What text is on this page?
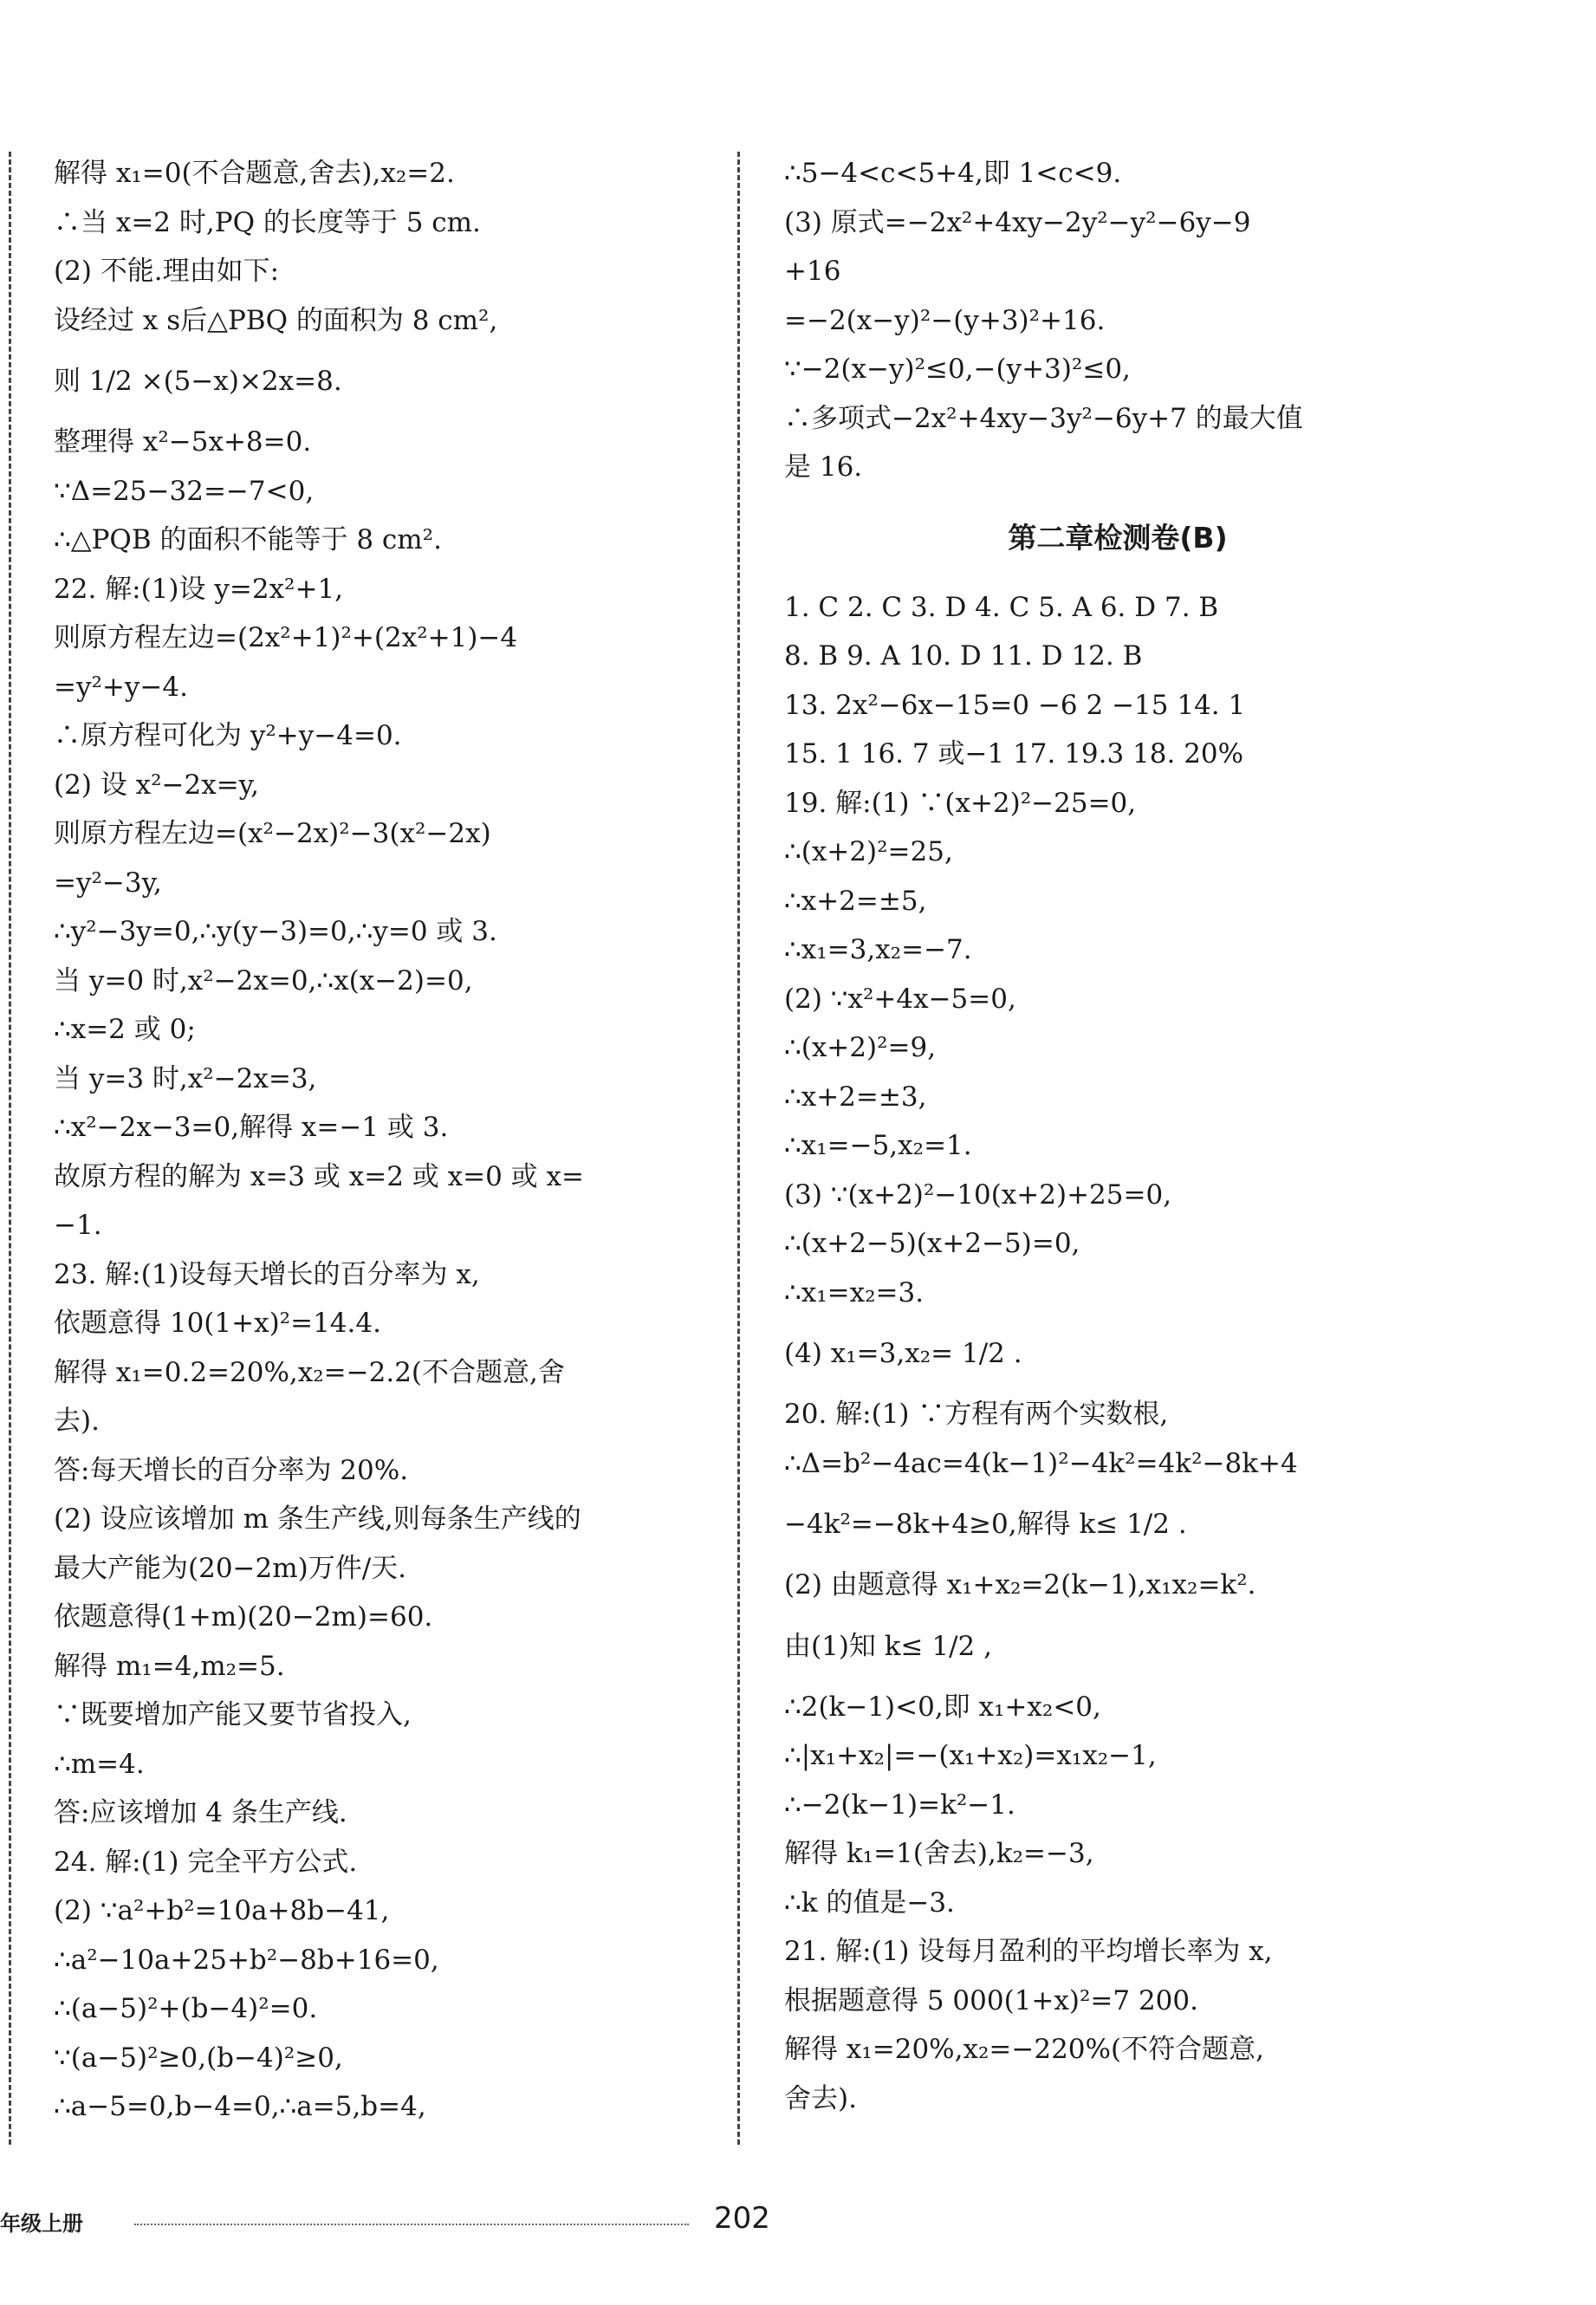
解得 x₁=0(不合题意,舍去),x₂=2.
∴当 x=2 时,PQ 的长度等于 5 cm.
(2) 不能.理由如下:
设经过 x s后△PBQ 的面积为 8 cm²,
则 1/2 ×(5−x)×2x=8.
整理得 x²−5x+8=0.
∵Δ=25−32=−7<0,
∴△PQB 的面积不能等于 8 cm².
22. 解:(1)设 y=2x²+1,
则原方程左边=(2x²+1)²+(2x²+1)−4
=y²+y−4.
∴原方程可化为 y²+y−4=0.
(2) 设 x²−2x=y,
则原方程左边=(x²−2x)²−3(x²−2x)
=y²−3y,
∴y²−3y=0,∴y(y−3)=0,∴y=0 或 3.
当 y=0 时,x²−2x=0,∴x(x−2)=0,
∴x=2 或 0;
当 y=3 时,x²−2x=3,
∴x²−2x−3=0,解得 x=−1 或 3.
故原方程的解为 x=3 或 x=2 或 x=0 或 x=
−1.
23. 解:(1)设每天增长的百分率为 x,
依题意得 10(1+x)²=14.4.
解得 x₁=0.2=20%,x₂=−2.2(不合题意,舍
去).
答:每天增长的百分率为 20%.
(2) 设应该增加 m 条生产线,则每条生产线的
最大产能为(20−2m)万件/天.
依题意得(1+m)(20−2m)=60.
解得 m₁=4,m₂=5.
∵既要增加产能又要节省投入,
∴m=4.
答:应该增加 4 条生产线.
24. 解:(1) 完全平方公式.
(2) ∵a²+b²=10a+8b−41,
∴a²−10a+25+b²−8b+16=0,
∴(a−5)²+(b−4)²=0.
∵(a−5)²≥0,(b−4)²≥0,
∴a−5=0,b−4=0,∴a=5,b=4,
∴5−4<c<5+4,即 1<c<9.
(3) 原式=−2x²+4xy−2y²−y²−6y−9
+16
=−2(x−y)²−(y+3)²+16.
∵−2(x−y)²≤0,−(y+3)²≤0,
∴多项式−2x²+4xy−3y²−6y+7 的最大值
是 16.
第二章检测卷(B)
1. C 2. C 3. D 4. C 5. A 6. D 7. B
8. B 9. A 10. D 11. D 12. B
13. 2x²−6x−15=0 −6 2 −15 14. 1
15. 1 16. 7 或−1 17. 19.3 18. 20%
19. 解:(1) ∵(x+2)²−25=0,
∴(x+2)²=25,
∴x+2=±5,
∴x₁=3,x₂=−7.
(2) ∵x²+4x−5=0,
∴(x+2)²=9,
∴x+2=±3,
∴x₁=−5,x₂=1.
(3) ∵(x+2)²−10(x+2)+25=0,
∴(x+2−5)(x+2−5)=0,
∴x₁=x₂=3.
(4) x₁=3,x₂= 1/2 .
20. 解:(1) ∵方程有两个实数根,
∴Δ=b²−4ac=4(k−1)²−4k²=4k²−8k+4
−4k²=−8k+4≥0,解得 k≤ 1/2 .
(2) 由题意得 x₁+x₂=2(k−1),x₁x₂=k².
由(1)知 k≤ 1/2 ,
∴2(k−1)<0,即 x₁+x₂<0,
∴|x₁+x₂|=−(x₁+x₂)=x₁x₂−1,
∴−2(k−1)=k²−1.
解得 k₁=1(舍去),k₂=−3,
∴k 的值是−3.
21. 解:(1) 设每月盈利的平均增长率为 x,
根据题意得 5 000(1+x)²=7 200.
解得 x₁=20%,x₂=−220%(不符合题意,
舍去).
年级上册	202
